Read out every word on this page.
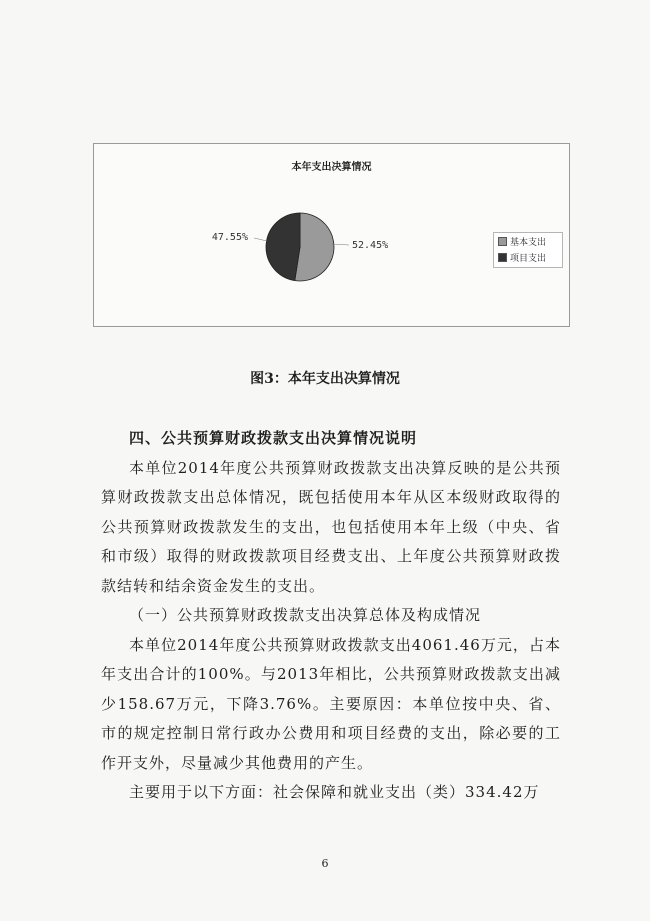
本年支出决算情况
52.45%
47.55%	基本支出
项目支出
图3：本年支出决算情况

四、公共预算财政拨款支出决算情况说明

本单位2014年度公共预算财政拨款支出决算反映的是公共预算财政拨款支出总体情况，既包括使用本年从区本级财政取得的公共预算财政拨款发生的支出，也包括使用本年上级（中央、省和市级）取得的财政拨款项目经费支出、上年度公共预算财政拨款结转和结余资金发生的支出。

（一）公共预算财政拨款支出决算总体及构成情况

本单位2014年度公共预算财政拨款支出4061.46万元，占本年支出合计的100%。与2013年相比，公共预算财政拨款支出减少158.67万元，下降3.76%。主要原因：本单位按中央、省、市的规定控制日常行政办公费用和项目经费的支出，除必要的工作开支外，尽量减少其他费用的产生。

主要用于以下方面：社会保障和就业支出（类）334.42万

6
